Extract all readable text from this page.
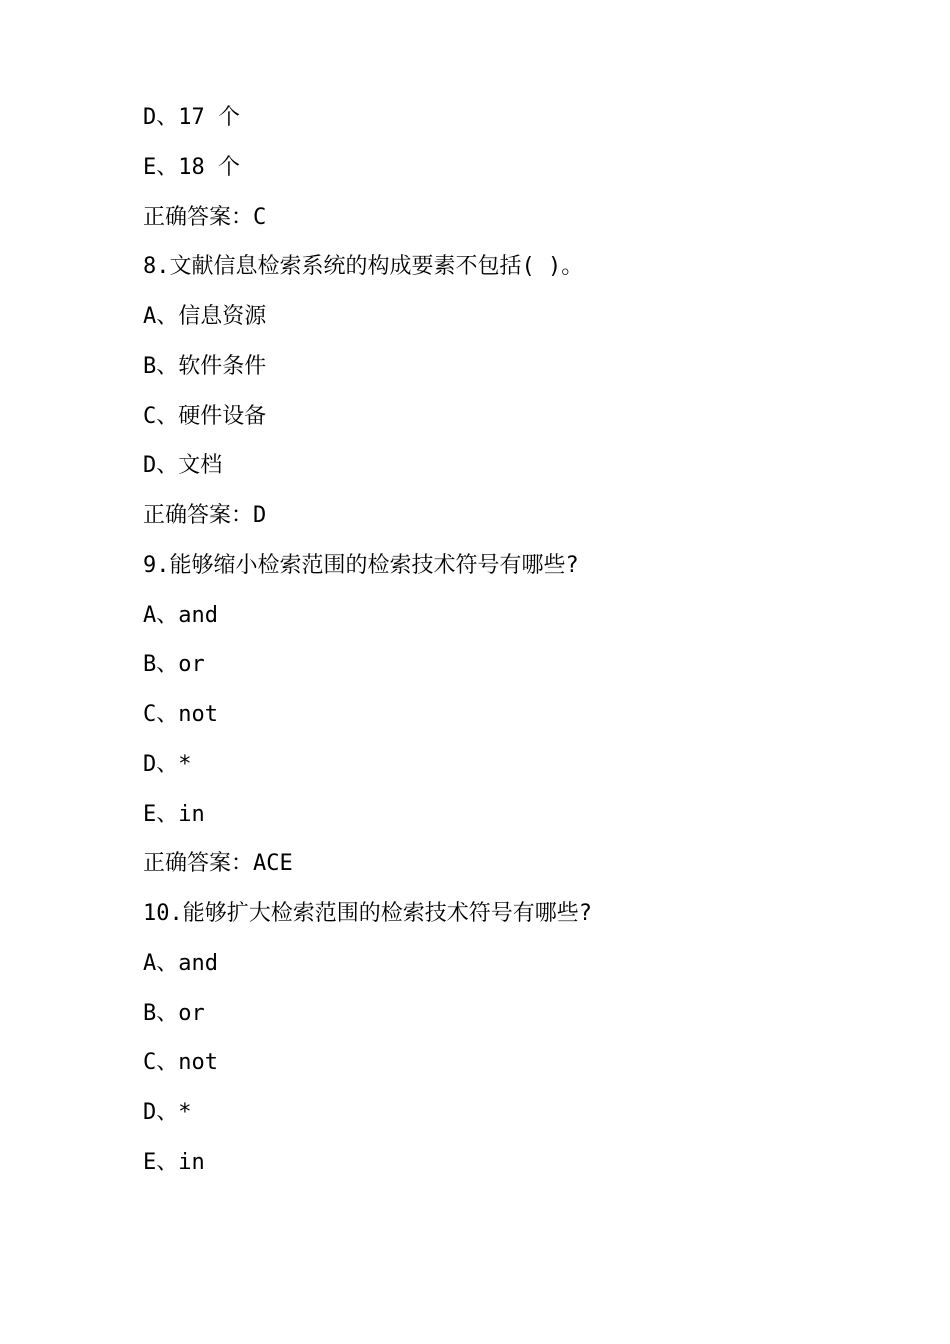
D、17 个
E、18 个
正确答案：C
8.文献信息检索系统的构成要素不包括( )。
A、信息资源
B、软件条件
C、硬件设备
D、文档
正确答案：D
9.能够缩小检索范围的检索技术符号有哪些?
A、and
B、or
C、not
D、*
E、in
正确答案：ACE
10.能够扩大检索范围的检索技术符号有哪些?
A、and
B、or
C、not
D、*
E、in
